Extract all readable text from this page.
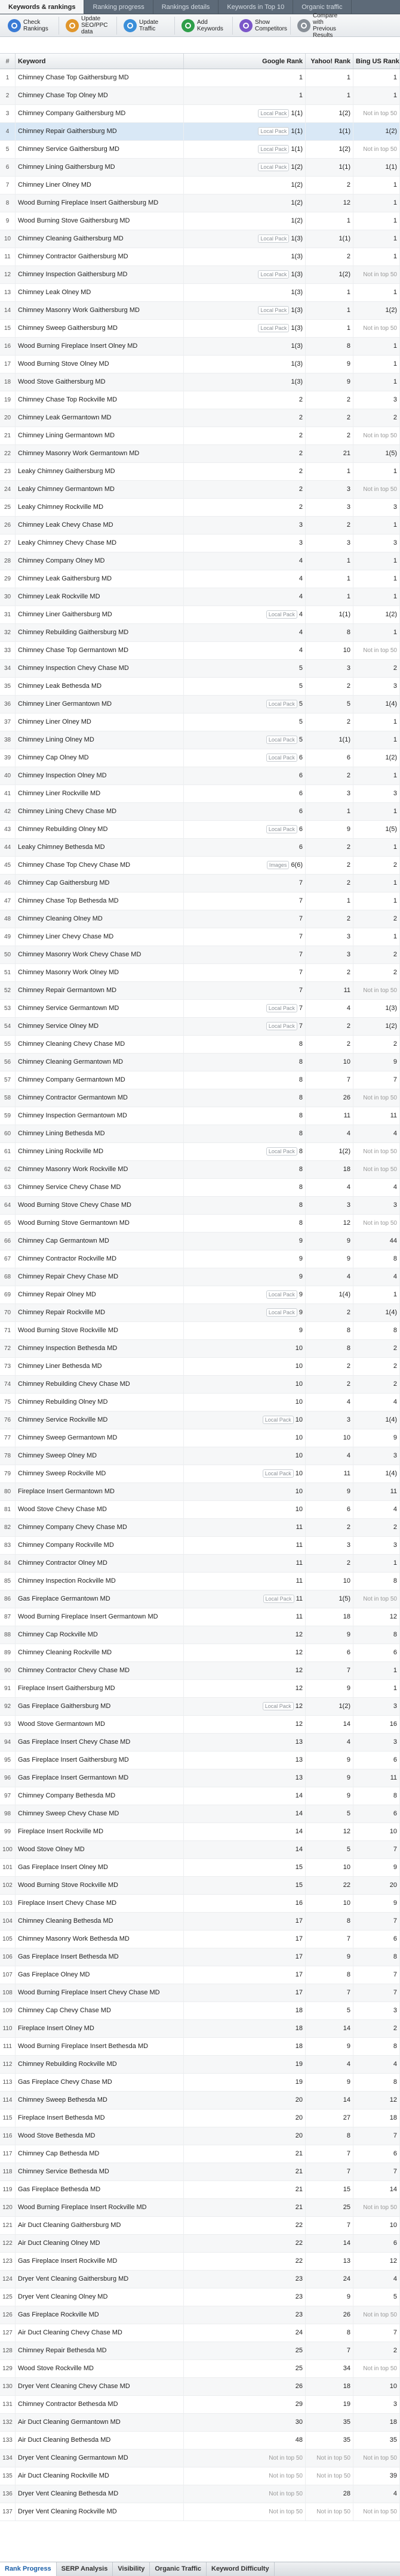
Keywords & rankings	Ranking progress	Rankings details	Keywords in Top 10	Organic traffic
Check Rankings
Update SEO/PPC data
Update Traffic
Add Keywords
Show Competitors
Compare with Previous Results
#	Keyword	Google Rank	Yahoo! Rank Bing US Rank
1	Chimney Chase Top Gaithersburg MD	1	1	1
2	Chimney Chase Top Olney MD	1	1	1
3	Chimney Company Gaithersburg MD	Local Pack 1(1)	1(2)	Not in top 50
4	Chimney Repair Gaithersburg MD	Local Pack 1(1)	1(1)	1(2)
5	Chimney Service Gaithersburg MD	Local Pack 1(1)	1(2)	Not in top 50
6	Chimney Lining Gaithersburg MD	Local Pack 1(2)	1(1)	1(1)
7	Chimney Liner Olney MD	1(2)	2	1
8	Wood Burning Fireplace Insert Gaithersburg MD	1(2)	12	1
9	Wood Burning Stove Gaithersburg MD	1(2)	1	1
10	Chimney Cleaning Gaithersburg MD	Local Pack 1(3)	1(1)	1
11	Chimney Contractor Gaithersburg MD	1(3)	2	1
12	Chimney Inspection Gaithersburg MD	Local Pack 1(3)	1(2)	Not in top 50
13	Chimney Leak Olney MD	1(3)	1	1
14	Chimney Masonry Work Gaithersburg MD	Local Pack 1(3)	1	1(2)
15	Chimney Sweep Gaithersburg MD	Local Pack 1(3)	1	Not in top 50
16	Wood Burning Fireplace Insert Olney MD	1(3)	8	1
17	Wood Burning Stove Olney MD	1(3)	9	1
18	Wood Stove Gaithersburg MD	1(3)	9	1
19	Chimney Chase Top Rockville MD	2	2	3
20	Chimney Leak Germantown MD	2	2	2
21	Chimney Lining Germantown MD	2	2	Not in top 50
22	Chimney Masonry Work Germantown MD	2	21	1(5)
23	Leaky Chimney Gaithersburg MD	2	1	1
24	Leaky Chimney Germantown MD	2	3	Not in top 50
25	Leaky Chimney Rockville MD	2	3	3
26	Chimney Leak Chevy Chase MD	3	2	1
27	Leaky Chimney Chevy Chase MD	3	3	3
28	Chimney Company Olney MD	4	1	1
29	Chimney Leak Gaithersburg MD	4	1	1
30	Chimney Leak Rockville MD	4	1	1
31	Chimney Liner Gaithersburg MD	Local Pack 4	1(1)	1(2)
32	Chimney Rebuilding Gaithersburg MD	4	8	1
33	Chimney Chase Top Germantown MD	4	10	Not in top 50
34	Chimney Inspection Chevy Chase MD	5	3	2
35	Chimney Leak Bethesda MD	5	2	3
36	Chimney Liner Germantown MD	Local Pack 5	5	1(4)
37	Chimney Liner Olney MD	5	2	1
38	Chimney Lining Olney MD	Local Pack 5	1(1)	1
39	Chimney Cap Olney MD	Local Pack 6	6	1(2)
40	Chimney Inspection Olney MD	6	2	1
41	Chimney Liner Rockville MD	6	3	3
42	Chimney Lining Chevy Chase MD	6	1	1
43	Chimney Rebuilding Olney MD	Local Pack 6	9	1(5)
44	Leaky Chimney Bethesda MD	6	2	1
45	Chimney Chase Top Chevy Chase MD	Images 6(6)	2	2
46	Chimney Cap Gaithersburg MD	7	2	1
47	Chimney Chase Top Bethesda MD	7	1	1
48	Chimney Cleaning Olney MD	7	2	2
49	Chimney Liner Chevy Chase MD	7	3	1
50	Chimney Masonry Work Chevy Chase MD	7	3	2
51	Chimney Masonry Work Olney MD	7	2	2
52	Chimney Repair Germantown MD	7	11	Not in top 50
53	Chimney Service Germantown MD	Local Pack 7	4	1(3)
54	Chimney Service Olney MD	Local Pack 7	2	1(2)
55	Chimney Cleaning Chevy Chase MD	8	2	2
56	Chimney Cleaning Germantown MD	8	10	9
57	Chimney Company Germantown MD	8	7	7
58	Chimney Contractor Germantown MD	8	26	Not in top 50
59	Chimney Inspection Germantown MD	8	11	11
60	Chimney Lining Bethesda MD	8	4	4
61	Chimney Lining Rockville MD	Local Pack 8	1(2)	Not in top 50
62	Chimney Masonry Work Rockville MD	8	18	Not in top 50
63	Chimney Service Chevy Chase MD	8	4	4
64	Wood Burning Stove Chevy Chase MD	8	3	3
65	Wood Burning Stove Germantown MD	8	12	Not in top 50
66	Chimney Cap Germantown MD	9	9	44
67	Chimney Contractor Rockville MD	9	9	8
68	Chimney Repair Chevy Chase MD	9	4	4
69	Chimney Repair Olney MD	Local Pack 9	1(4)	1
70	Chimney Repair Rockville MD	Local Pack 9	2	1(4)
71	Wood Burning Stove Rockville MD	9	8	8
72	Chimney Inspection Bethesda MD	10	8	2
73	Chimney Liner Bethesda MD	10	2	2
74	Chimney Rebuilding Chevy Chase MD	10	2	2
75	Chimney Rebuilding Olney MD	10	4	4
76	Chimney Service Rockville MD	Local Pack 10	3	1(4)
77	Chimney Sweep Germantown MD	10	10	9
78	Chimney Sweep Olney MD	10	4	3
79	Chimney Sweep Rockville MD	Local Pack 10	11	1(4)
80	Fireplace Insert Germantown MD	10	9	11
81	Wood Stove Chevy Chase MD	10	6	4
82	Chimney Company Chevy Chase MD	11	2	2
83	Chimney Company Rockville MD	11	3	3
84	Chimney Contractor Olney MD	11	2	1
85	Chimney Inspection Rockville MD	11	10	8
86	Gas Fireplace Germantown MD	Local Pack 11	1(5)	Not in top 50
87	Wood Burning Fireplace Insert Germantown MD	11	18	12
88	Chimney Cap Rockville MD	12	9	8
89	Chimney Cleaning Rockville MD	12	6	6
90	Chimney Contractor Chevy Chase MD	12	7	1
91	Fireplace Insert Gaithersburg MD	12	9	1
92	Gas Fireplace Gaithersburg MD	Local Pack 12	1(2)	3
93	Wood Stove Germantown MD	12	14	16
94	Gas Fireplace Insert Chevy Chase MD	13	4	3
95	Gas Fireplace Insert Gaithersburg MD	13	9	6
96	Gas Fireplace Insert Germantown MD	13	9	11
97	Chimney Company Bethesda MD	14	9	8
98	Chimney Sweep Chevy Chase MD	14	5	6
99	Fireplace Insert Rockville MD	14	12	10
100 Wood Stove Olney MD	14	5	7
101 Gas Fireplace Insert Olney MD	15	10	9
102 Wood Burning Stove Rockville MD	15	22	20
103 Fireplace Insert Chevy Chase MD	16	10	9
104 Chimney Cleaning Bethesda MD	17	8	7
105 Chimney Masonry Work Bethesda MD	17	7	6
106 Gas Fireplace Insert Bethesda MD	17	9	8
107 Gas Fireplace Olney MD	17	8	7
108 Wood Burning Fireplace Insert Chevy Chase MD	17	7	7
109 Chimney Cap Chevy Chase MD	18	5	3
110 Fireplace Insert Olney MD	18	14	2
111 Wood Burning Fireplace Insert Bethesda MD	18	9	8
112 Chimney Rebuilding Rockville MD	19	4	4
113 Gas Fireplace Chevy Chase MD	19	9	8
114 Chimney Sweep Bethesda MD	20	14	12
115 Fireplace Insert Bethesda MD	20	27	18
116 Wood Stove Bethesda MD	20	8	7
117 Chimney Cap Bethesda MD	21	7	6
118 Chimney Service Bethesda MD	21	7	7
119 Gas Fireplace Bethesda MD	21	15	14
120 Wood Burning Fireplace Insert Rockville MD	21	25	Not in top 50
121 Air Duct Cleaning Gaithersburg MD	22	7	10
122 Air Duct Cleaning Olney MD	22	14	6
123 Gas Fireplace Insert Rockville MD	22	13	12
124 Dryer Vent Cleaning Gaithersburg MD	23	24	4
125 Dryer Vent Cleaning Olney MD	23	9	5
126 Gas Fireplace Rockville MD	23	26	Not in top 50
127 Air Duct Cleaning Chevy Chase MD	24	8	7
128 Chimney Repair Bethesda MD	25	7	2
129 Wood Stove Rockville MD	25	34	Not in top 50
130 Dryer Vent Cleaning Chevy Chase MD	26	18	10
131 Chimney Contractor Bethesda MD	29	19	3
132 Air Duct Cleaning Germantown MD	30	35	18
133 Air Duct Cleaning Bethesda MD	48	35	35
134 Dryer Vent Cleaning Germantown MD	Not in top 50	Not in top 50	Not in top 50
135 Air Duct Cleaning Rockville MD	Not in top 50	Not in top 50	39
136 Dryer Vent Cleaning Bethesda MD	Not in top 50	28	4
137 Dryer Vent Cleaning Rockville MD	Not in top 50	Not in top 50	Not in top 50
Rank Progress	SERP Analysis	Visibility	Organic Traffic	Keyword Difficulty
